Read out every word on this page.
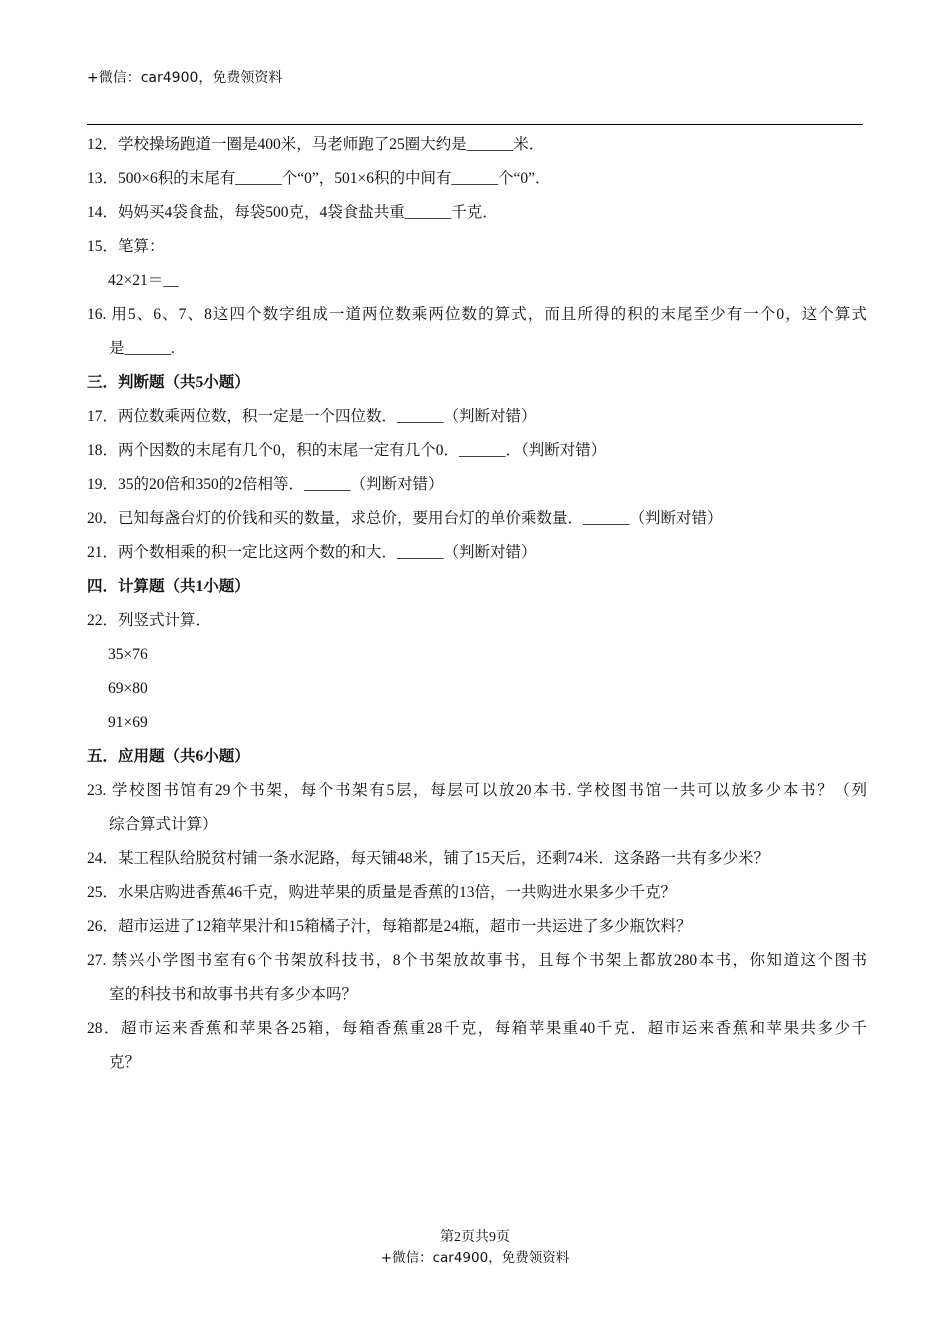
+微信：car4900，免费领资料
12．学校操场跑道一圈是400米，马老师跑了25圈大约是______米．
13．500×6积的末尾有______个“0”，501×6积的中间有______个“0”．
14．妈妈买4袋食盐，每袋500克，4袋食盐共重______千克．
15．笔算：
42×21＝__
16. 用5、6、7、8这四个数字组成一道两位数乘两位数的算式，而且所得的积的末尾至少有一个0，这个算式
是______.
三．判断题（共5小题）
17．两位数乘两位数，积一定是一个四位数．______（判断对错）
18．两个因数的末尾有几个0，积的末尾一定有几个0．______．（判断对错）
19．35的20倍和350的2倍相等．______（判断对错）
20．已知每盏台灯的价钱和买的数量，求总价，要用台灯的单价乘数量．______（判断对错）
21．两个数相乘的积一定比这两个数的和大．______（判断对错）
四．计算题（共1小题）
22．列竖式计算．
35×76
69×80
91×69
五．应用题（共6小题）
23. 学校图书馆有29个书架，每个书架有5层，每层可以放20本书. 学校图书馆一共可以放多少本书？（列
综合算式计算）
24．某工程队给脱贫村铺一条水泥路，每天铺48米，铺了15天后，还剩74米．这条路一共有多少米？
25．水果店购进香蕉46千克，购进苹果的质量是香蕉的13倍，一共购进水果多少千克？
26．超市运进了12箱苹果汁和15箱橘子汁，每箱都是24瓶，超市一共运进了多少瓶饮料？
27. 禁兴小学图书室有6个书架放科技书，8个书架放故事书，且每个书架上都放280本书，你知道这个图书
室的科技书和故事书共有多少本吗？
28．超市运来香蕉和苹果各25箱，每箱香蕉重28千克，每箱苹果重40千克．超市运来香蕉和苹果共多少千
克？
第2页共9页
+微信：car4900，免费领资料
